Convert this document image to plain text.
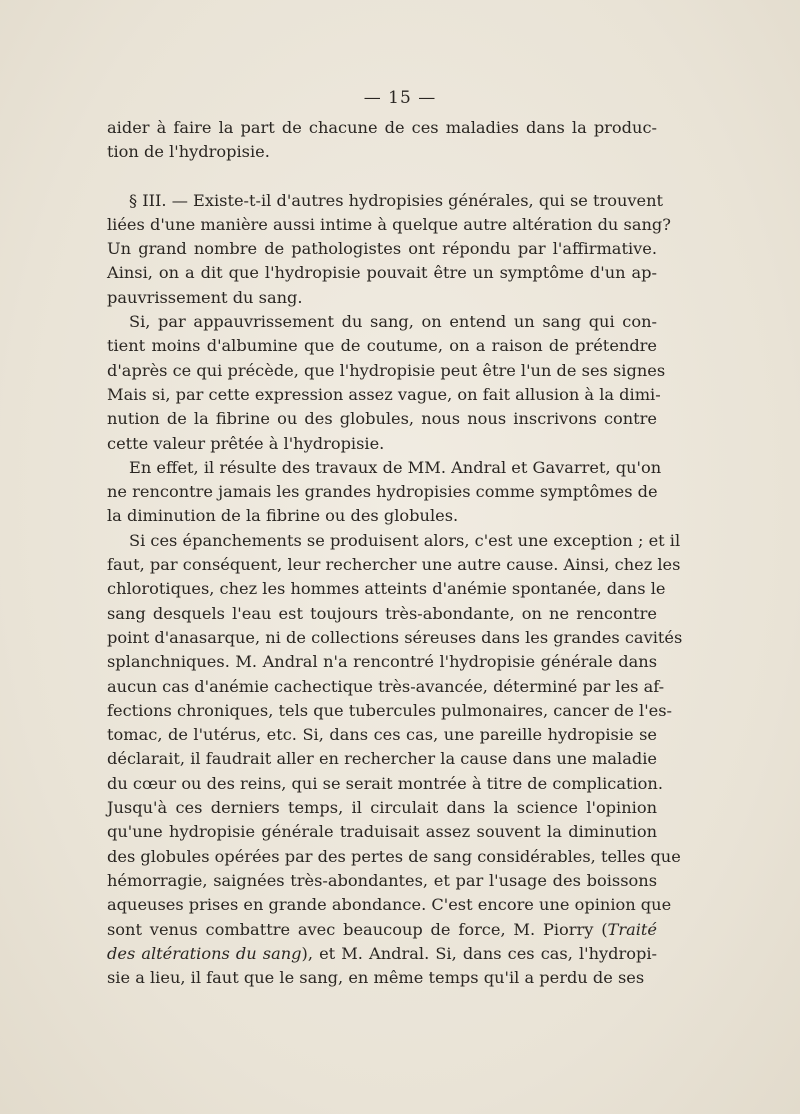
— 15 —
aider à faire la part de chacune de ces maladies dans la produc-
tion de l'hydropisie.
§ III. — Existe-t-il d'autres hydropisies générales, qui se trouvent
liées d'une manière aussi intime à quelque autre altération du sang?
Un grand nombre de pathologistes ont répondu par l'affirmative.
Ainsi, on a dit que l'hydropisie pouvait être un symptôme d'un ap-
pauvrissement du sang.
Si, par appauvrissement du sang, on entend un sang qui con-
tient moins d'albumine que de coutume, on a raison de prétendre
d'après ce qui précède, que l'hydropisie peut être l'un de ses signes
Mais si, par cette expression assez vague, on fait allusion à la dimi-
nution de la fibrine ou des globules, nous nous inscrivons contre
cette valeur prêtée à l'hydropisie.
En effet, il résulte des travaux de MM. Andral et Gavarret, qu'on
ne rencontre jamais les grandes hydropisies comme symptômes de
la diminution de la fibrine ou des globules.
Si ces épanchements se produisent alors, c'est une exception ; et il
faut, par conséquent, leur rechercher une autre cause. Ainsi, chez les
chlorotiques, chez les hommes atteints d'anémie spontanée, dans le
sang desquels l'eau est toujours très-abondante, on ne rencontre
point d'anasarque, ni de collections séreuses dans les grandes cavités
splanchniques. M. Andral n'a rencontré l'hydropisie générale dans
aucun cas d'anémie cachectique très-avancée, déterminé par les af-
fections chroniques, tels que tubercules pulmonaires, cancer de l'es-
tomac, de l'utérus, etc. Si, dans ces cas, une pareille hydropisie se
déclarait, il faudrait aller en rechercher la cause dans une maladie
du cœur ou des reins, qui se serait montrée à titre de complication.
Jusqu'à ces derniers temps, il circulait dans la science l'opinion
qu'une hydropisie générale traduisait assez souvent la diminution
des globules opérées par des pertes de sang considérables, telles que
hémorragie, saignées très-abondantes, et par l'usage des boissons
aqueuses prises en grande abondance. C'est encore une opinion que
sont venus combattre avec beaucoup de force, M. Piorry (Traité
des altérations du sang), et M. Andral. Si, dans ces cas, l'hydropi-
sie a lieu, il faut que le sang, en même temps qu'il a perdu de ses
